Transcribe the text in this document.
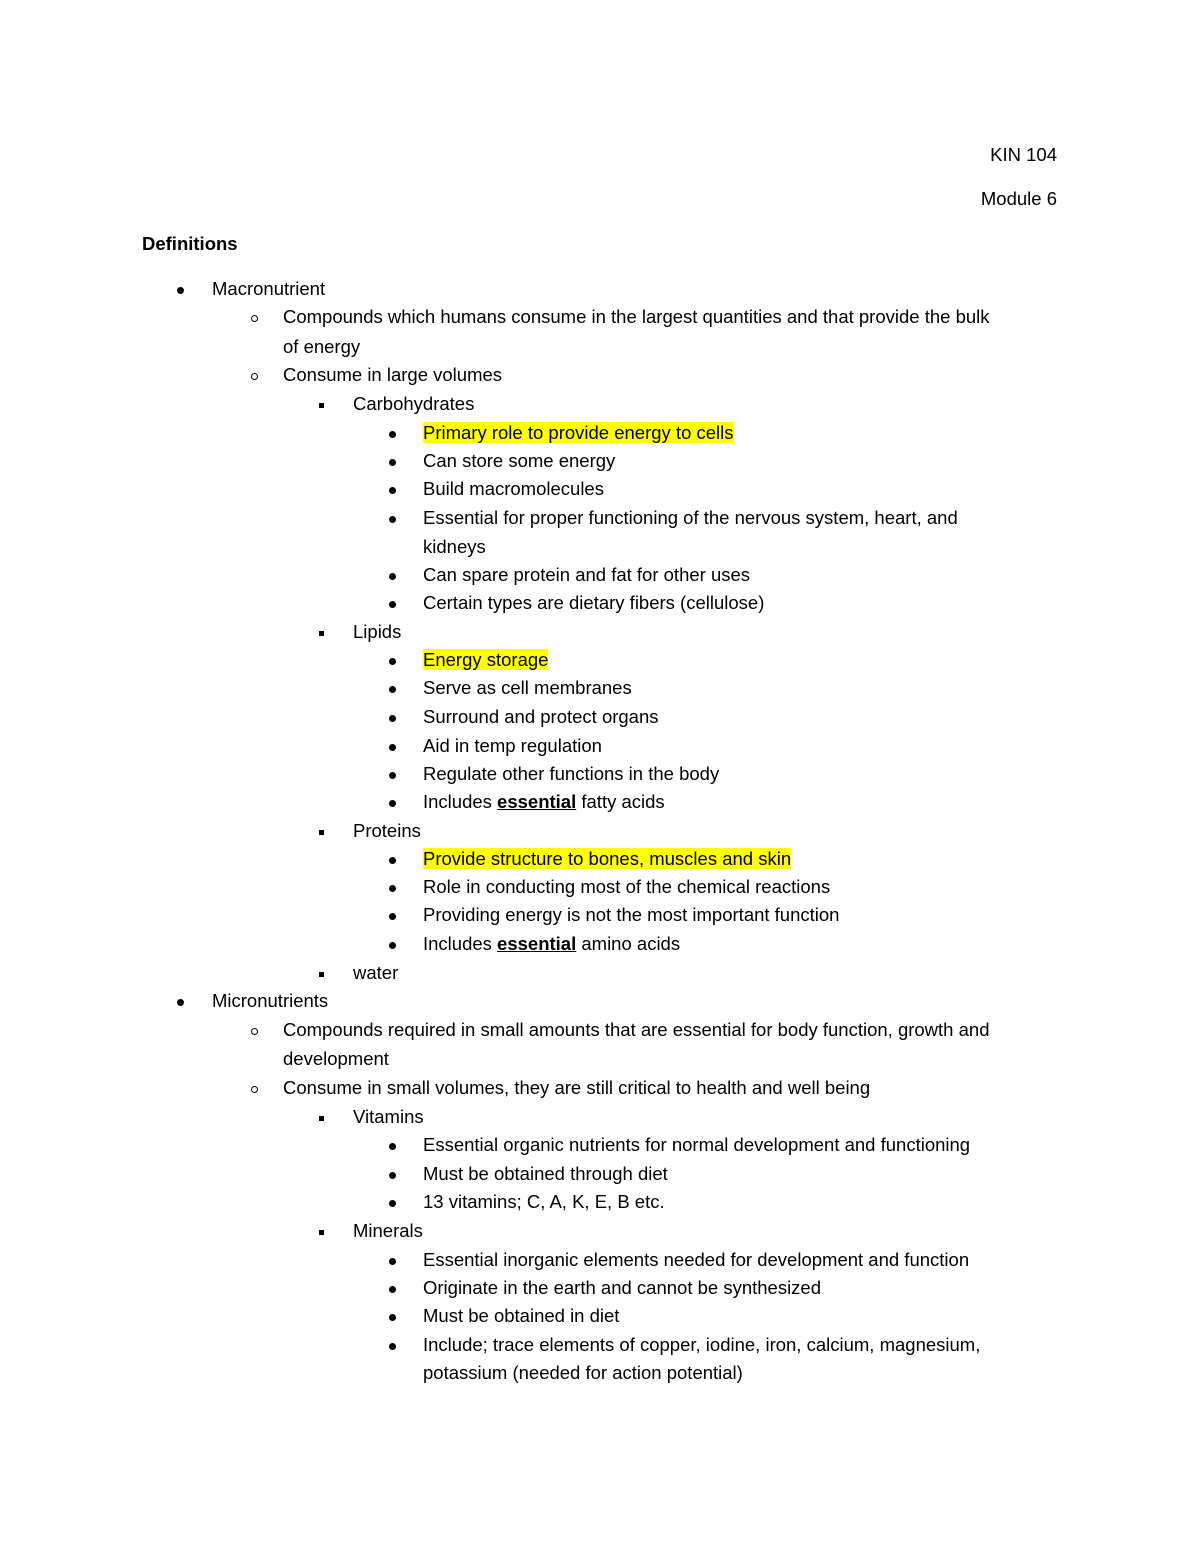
KIN 104
Module 6
Definitions
Macronutrient
Compounds which humans consume in the largest quantities and that provide the bulk
of energy
Consume in large volumes
Carbohydrates
Primary role to provide energy to cells
Can store some energy
Build macromolecules
Essential for proper functioning of the nervous system, heart, and
kidneys
Can spare protein and fat for other uses
Certain types are dietary fibers (cellulose)
Lipids
Energy storage
Serve as cell membranes
Surround and protect organs
Aid in temp regulation
Regulate other functions in the body
Includes essential fatty acids
Proteins
Provide structure to bones, muscles and skin
Role in conducting most of the chemical reactions
Providing energy is not the most important function
Includes essential amino acids
water
Micronutrients
Compounds required in small amounts that are essential for body function, growth and
development
Consume in small volumes, they are still critical to health and well being
Vitamins
Essential organic nutrients for normal development and functioning
Must be obtained through diet
13 vitamins; C, A, K, E, B etc.
Minerals
Essential inorganic elements needed for development and function
Originate in the earth and cannot be synthesized
Must be obtained in diet
Include; trace elements of copper, iodine, iron, calcium, magnesium,
potassium (needed for action potential)
